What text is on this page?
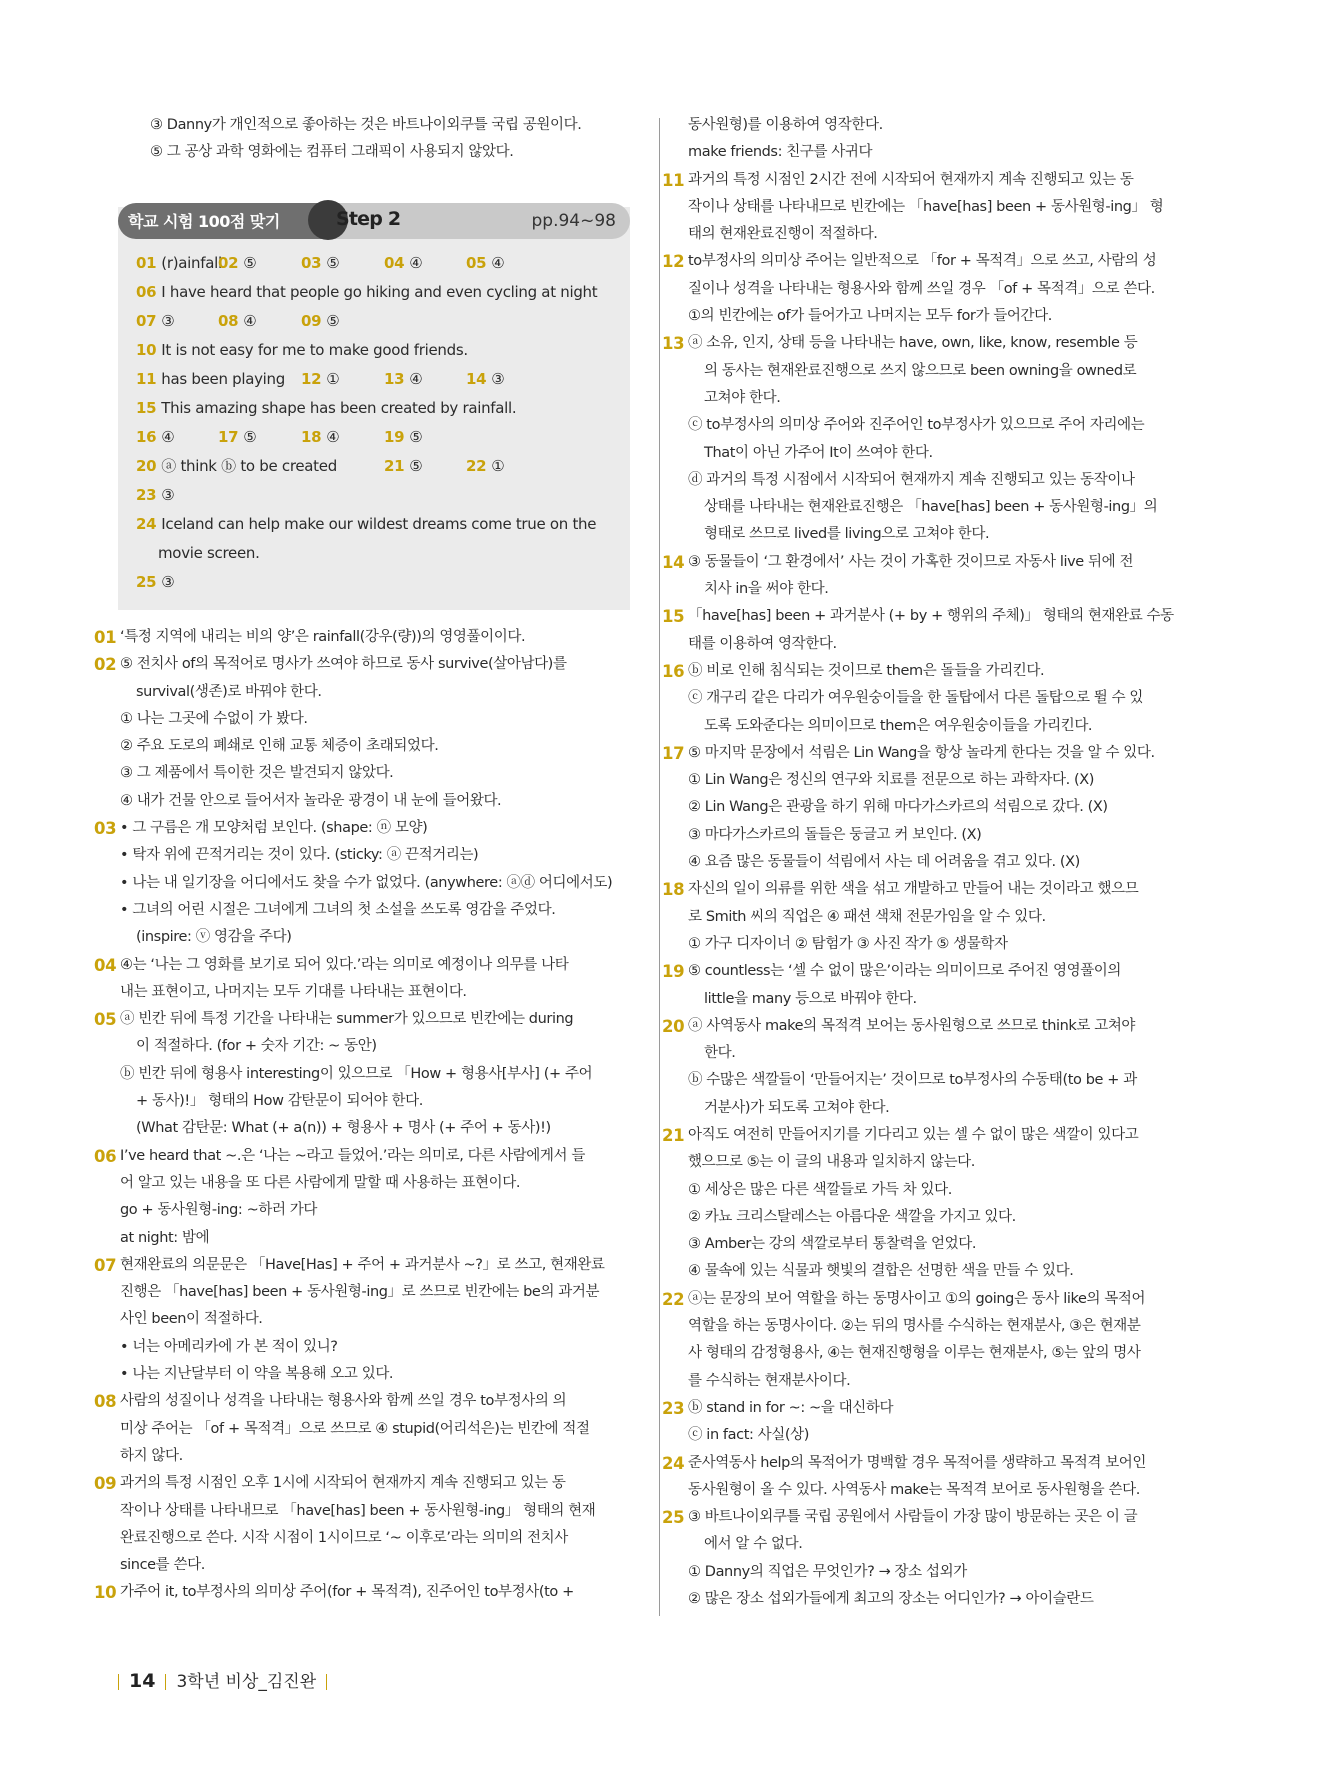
③ Danny가 개인적으로 좋아하는 것은 바트나이외쿠틀 국립 공원이다.
⑤ 그 공상 과학 영화에는 컴퓨터 그래픽이 사용되지 않았다.
01 (r)ainfall
02 ⑤	03 ⑤	04 ④	05 ④
06 I have heard that people go hiking and even cycling at night
07 ③	08 ④	09 ⑤
10 It is not easy for me to make good friends.
11 has been playing 12 ①	13 ④	14 ③
15 This amazing shape has been created by rainfall.
16 ④	17 ⑤	18 ④	19 ⑤
20 ⓐ think ⓑ to be created	21 ⑤	22 ①
23 ③
24 Iceland can help make our wildest dreams come true on the
movie screen.
25 ③
학교 시험 100점 맞기	Step 2	pp.94~98
01 ‘특정 지역에 내리는 비의 양’은 rainfall(강우(량))의 영영풀이이다.
02 ⑤ 전치사 of의 목적어로 명사가 쓰여야 하므로 동사 survive(살아남다)를
survival(생존)로 바꿔야 한다.
① 나는 그곳에 수없이 가 봤다.
② 주요 도로의 폐쇄로 인해 교통 체증이 초래되었다.
③ 그 제품에서 특이한 것은 발견되지 않았다.
④ 내가 건물 안으로 들어서자 놀라운 광경이 내 눈에 들어왔다.
03 • 그 구름은 개 모양처럼 보인다. (shape: ⓝ 모양)
• 탁자 위에 끈적거리는 것이 있다. (sticky: ⓐ 끈적거리는)
• 나는 내 일기장을 어디에서도 찾을 수가 없었다. (anywhere: ⓐⓓ 어디에서도)
• 그녀의 어린 시절은 그녀에게 그녀의 첫 소설을 쓰도록 영감을 주었다.
(inspire: ⓥ 영감을 주다)
04 ④는 ‘나는 그 영화를 보기로 되어 있다.’라는 의미로 예정이나 의무를 나타
내는 표현이고, 나머지는 모두 기대를 나타내는 표현이다.
05 ⓐ 빈칸 뒤에 특정 기간을 나타내는 summer가 있으므로 빈칸에는 during
이 적절하다. (for + 숫자 기간: ~ 동안)
ⓑ 빈칸 뒤에 형용사 interesting이 있으므로 「How + 형용사[부사] (+ 주어
+ 동사)!」 형태의 How 감탄문이 되어야 한다.
(What 감탄문: What (+ a(n)) + 형용사 + 명사 (+ 주어 + 동사)!)
06 I’ve heard that ~.은 ‘나는 ~라고 들었어.’라는 의미로, 다른 사람에게서 들
어 알고 있는 내용을 또 다른 사람에게 말할 때 사용하는 표현이다.
go + 동사원형-ing: ~하러 가다
at night: 밤에
07 현재완료의 의문문은 「Have[Has] + 주어 + 과거분사 ~?」로 쓰고, 현재완료
진행은 「have[has] been + 동사원형-ing」로 쓰므로 빈칸에는 be의 과거분
사인 been이 적절하다.
• 너는 아메리카에 가 본 적이 있니?
• 나는 지난달부터 이 약을 복용해 오고 있다.
08 사람의 성질이나 성격을 나타내는 형용사와 함께 쓰일 경우 to부정사의 의
미상 주어는 「of + 목적격」으로 쓰므로 ④ stupid(어리석은)는 빈칸에 적절
하지 않다.
09 과거의 특정 시점인 오후 1시에 시작되어 현재까지 계속 진행되고 있는 동
작이나 상태를 나타내므로 「have[has] been + 동사원형-ing」 형태의 현재
완료진행으로 쓴다. 시작 시점이 1시이므로 ‘~ 이후로’라는 의미의 전치사
since를 쓴다.
10 가주어 it, to부정사의 의미상 주어(for + 목적격), 진주어인 to부정사(to +
동사원형)를 이용하여 영작한다.
make friends: 친구를 사귀다
11 과거의 특정 시점인 2시간 전에 시작되어 현재까지 계속 진행되고 있는 동
작이나 상태를 나타내므로 빈칸에는 「have[has] been + 동사원형-ing」 형
태의 현재완료진행이 적절하다.
12 to부정사의 의미상 주어는 일반적으로 「for + 목적격」으로 쓰고, 사람의 성
질이나 성격을 나타내는 형용사와 함께 쓰일 경우 「of + 목적격」으로 쓴다.
①의 빈칸에는 of가 들어가고 나머지는 모두 for가 들어간다.
13 ⓐ 소유, 인지, 상태 등을 나타내는 have, own, like, know, resemble 등
의 동사는 현재완료진행으로 쓰지 않으므로 been owning을 owned로
고쳐야 한다.
ⓒ to부정사의 의미상 주어와 진주어인 to부정사가 있으므로 주어 자리에는
That이 아닌 가주어 It이 쓰여야 한다.
ⓓ 과거의 특정 시점에서 시작되어 현재까지 계속 진행되고 있는 동작이나
상태를 나타내는 현재완료진행은 「have[has] been + 동사원형-ing」의
형태로 쓰므로 lived를 living으로 고쳐야 한다.
14 ③ 동물들이 ‘그 환경에서’ 사는 것이 가혹한 것이므로 자동사 live 뒤에 전
치사 in을 써야 한다.
15 「have[has] been + 과거분사 (+ by + 행위의 주체)」 형태의 현재완료 수동
태를 이용하여 영작한다.
16 ⓑ 비로 인해 침식되는 것이므로 them은 돌들을 가리킨다.
ⓒ 개구리 같은 다리가 여우원숭이들을 한 돌탑에서 다른 돌탑으로 뛸 수 있
도록 도와준다는 의미이므로 them은 여우원숭이들을 가리킨다.
17 ⑤ 마지막 문장에서 석림은 Lin Wang을 항상 놀라게 한다는 것을 알 수 있다.
① Lin Wang은 정신의 연구와 치료를 전문으로 하는 과학자다. (X)
② Lin Wang은 관광을 하기 위해 마다가스카르의 석림으로 갔다. (X)
③ 마다가스카르의 돌들은 둥글고 커 보인다. (X)
④ 요즘 많은 동물들이 석림에서 사는 데 어려움을 겪고 있다. (X)
18 자신의 일이 의류를 위한 색을 섞고 개발하고 만들어 내는 것이라고 했으므
로 Smith 씨의 직업은 ④ 패션 색채 전문가임을 알 수 있다.
① 가구 디자이너 ② 탐험가 ③ 사진 작가 ⑤ 생물학자
19 ⑤ countless는 ‘셀 수 없이 많은’이라는 의미이므로 주어진 영영풀이의
little을 many 등으로 바꿔야 한다.
20 ⓐ 사역동사 make의 목적격 보어는 동사원형으로 쓰므로 think로 고쳐야
한다.
ⓑ 수많은 색깔들이 ‘만들어지는’ 것이므로 to부정사의 수동태(to be + 과
거분사)가 되도록 고쳐야 한다.
21 아직도 여전히 만들어지기를 기다리고 있는 셀 수 없이 많은 색깔이 있다고
했으므로 ⑤는 이 글의 내용과 일치하지 않는다.
① 세상은 많은 다른 색깔들로 가득 차 있다.
② 카뇨 크리스탈레스는 아름다운 색깔을 가지고 있다.
③ Amber는 강의 색깔로부터 통찰력을 얻었다.
④ 물속에 있는 식물과 햇빛의 결합은 선명한 색을 만들 수 있다.
22 ⓐ는 문장의 보어 역할을 하는 동명사이고 ①의 going은 동사 like의 목적어
역할을 하는 동명사이다. ②는 뒤의 명사를 수식하는 현재분사, ③은 현재분
사 형태의 감정형용사, ④는 현재진행형을 이루는 현재분사, ⑤는 앞의 명사
를 수식하는 현재분사이다.
23 ⓑ stand in for ~: ~을 대신하다
ⓒ in fact: 사실(상)
24 준사역동사 help의 목적어가 명백할 경우 목적어를 생략하고 목적격 보어인
동사원형이 올 수 있다. 사역동사 make는 목적격 보어로 동사원형을 쓴다.
25 ③ 바트나이외쿠틀 국립 공원에서 사람들이 가장 많이 방문하는 곳은 이 글
에서 알 수 없다.
① Danny의 직업은 무엇인가? → 장소 섭외가
② 많은 장소 섭외가들에게 최고의 장소는 어디인가? → 아이슬란드
14 3학년 비상_김진완
